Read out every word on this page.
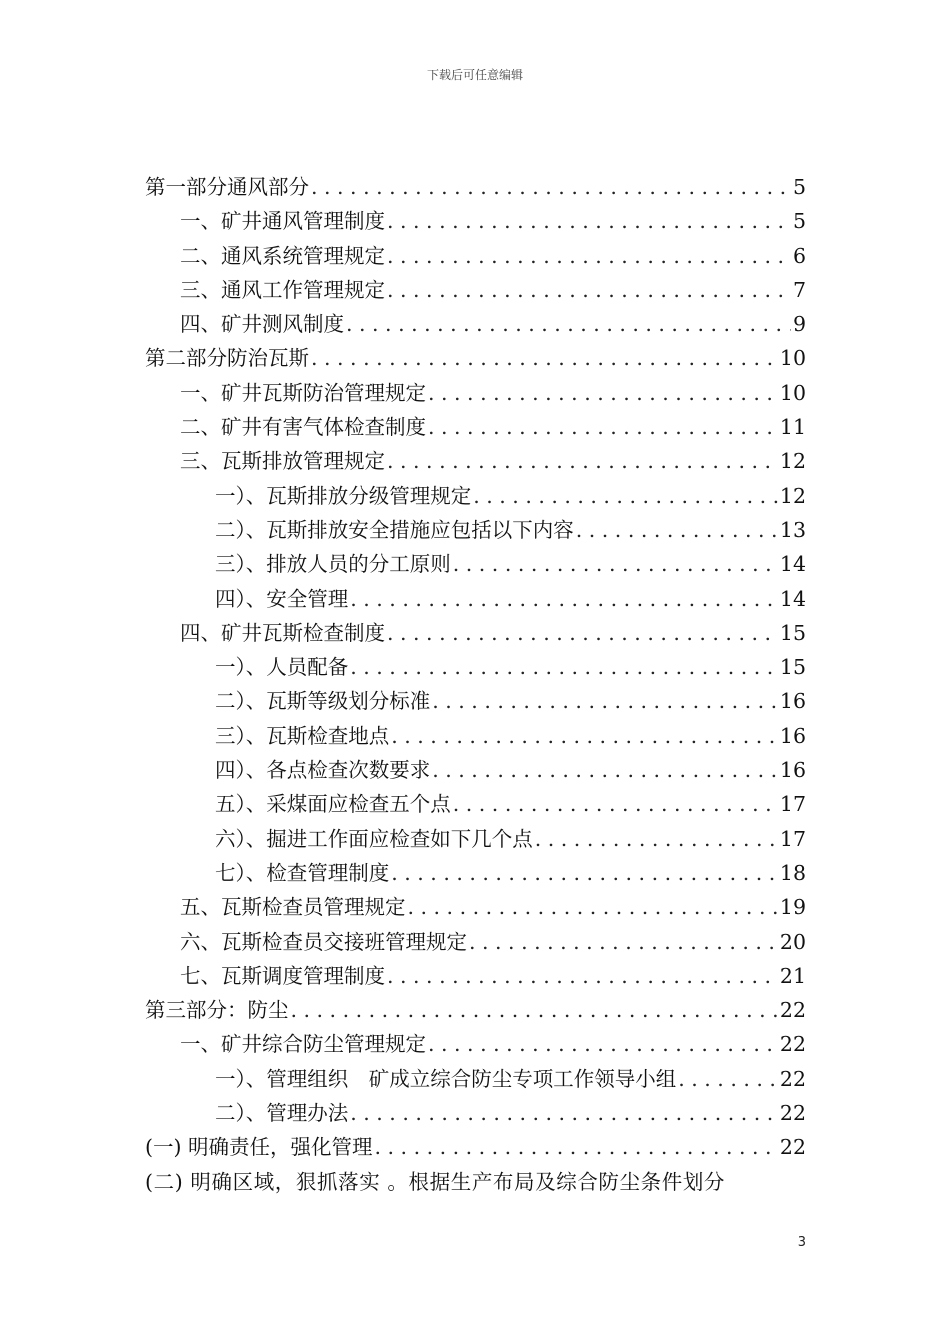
下载后可任意编辑
第一部分 通风部分 .....	5
一、 矿井通风管理制度 .....	5
二、 通风系统管理规定 .....	6
三、 通风工作管理规定 .....	7
四、 矿井测风制度 .....	9
第二部分 防治瓦斯 .....	10
一、 矿井瓦斯防治管理规定 .....	10
二、 矿井有害气体检查制度 .....	11
三、 瓦斯排放管理规定 .....	12
一）、 瓦斯排放分级管理规定 .....	12
二）、 瓦斯排放安全措施应包括以下内容 .....	13
三）、 排放人员的分工原则 .....	14
四）、 安全管理 .....	14
四、 矿井瓦斯检查制度 .....	15
一）、 人员配备 .....	15
二）、 瓦斯等级划分标准 .....	16
三）、 瓦斯检查地点 .....	16
四）、 各点检查次数要求 .....	16
五）、 采煤面应检查五个点 .....	17
六）、 掘进工作面应检查如下几个点 .....	17
七）、 检查管理制度 .....	18
五、 瓦斯检查员管理规定 .....	19
六、 瓦斯检查员交接班管理规定 .....	20
七、 瓦斯调度管理制度 .....	21
第三部分：防尘 .....	22
一、 矿井综合防尘管理规定 .....	22
一）、 管理组织　矿成立综合防尘专项工作领导小组 .....	22
二）、 管理办法 .....	22
(一) 明确责任，强化管理 .....	22
(二) 明确区域，狠抓落实 。根据生产布局及综合防尘条件划分
3
